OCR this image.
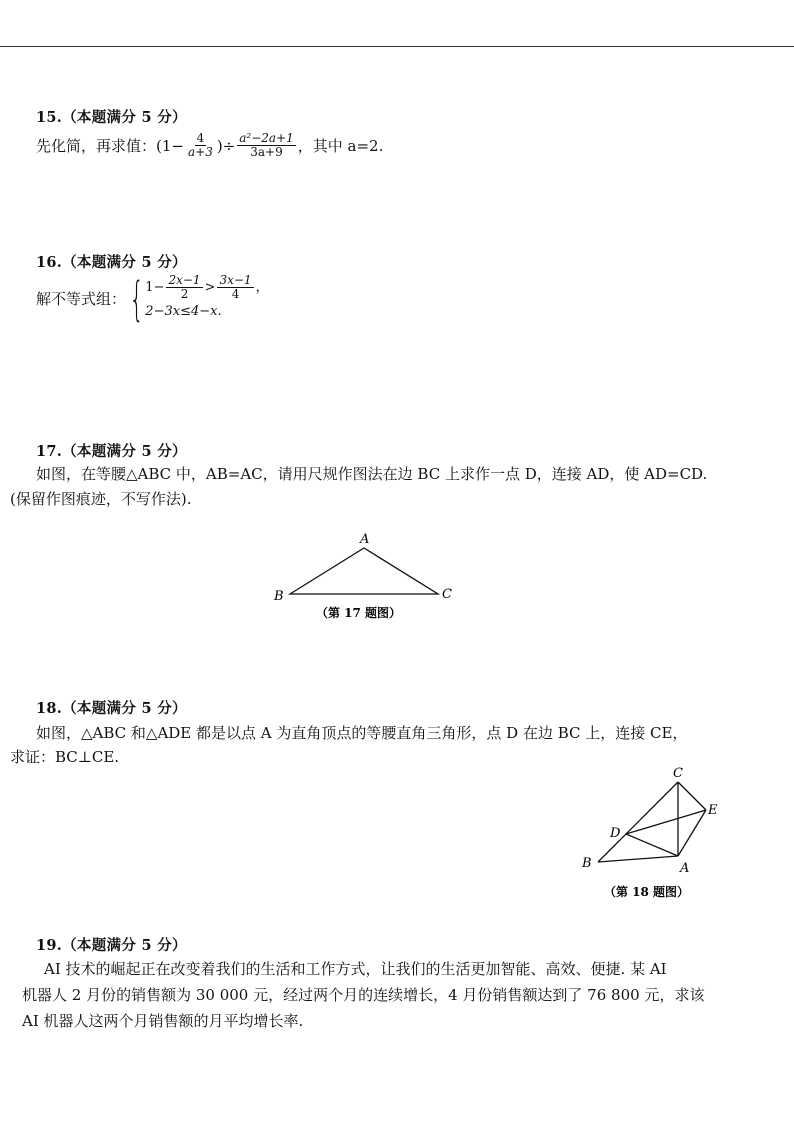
15.（本题满分 5 分）
先化简，再求值： ($1- \frac{4}{a+3}$ )÷ $\frac{\text{a²−2a+1}}{3a+9}$ ，其中 a=2.
16.（本题满分 5 分）
解不等式组： { $1- \frac{2x-1}{2} > \frac{3x-1}{4}$ ，
2−3x≤4−x.
17.（本题满分 5 分）
如图，在等腰△ABC 中，AB=AC，请用尺规作图法在边 BC 上求作一点 D，连接 AD，使 AD=CD.
(保留作图痕迹，不写作法).
A
B	C
（第 17 题图）
18.（本题满分 5 分）
如图，△ABC 和△ADE 都是以点 A 为直角顶点的等腰直角三角形，点 D 在边 BC 上，连接 CE，
求证：BC⊥CE.
C
E
D
B	A
（第 18 题图）
19.（本题满分 5 分）
AI 技术的崛起正在改变着我们的生活和工作方式，让我们的生活更加智能、高效、便捷. 某 AI
机器人 2 月份的销售额为 30 000 元，经过两个月的连续增长，4 月份销售额达到了 76 800 元，求该
AI 机器人这两个月销售额的月平均增长率.
